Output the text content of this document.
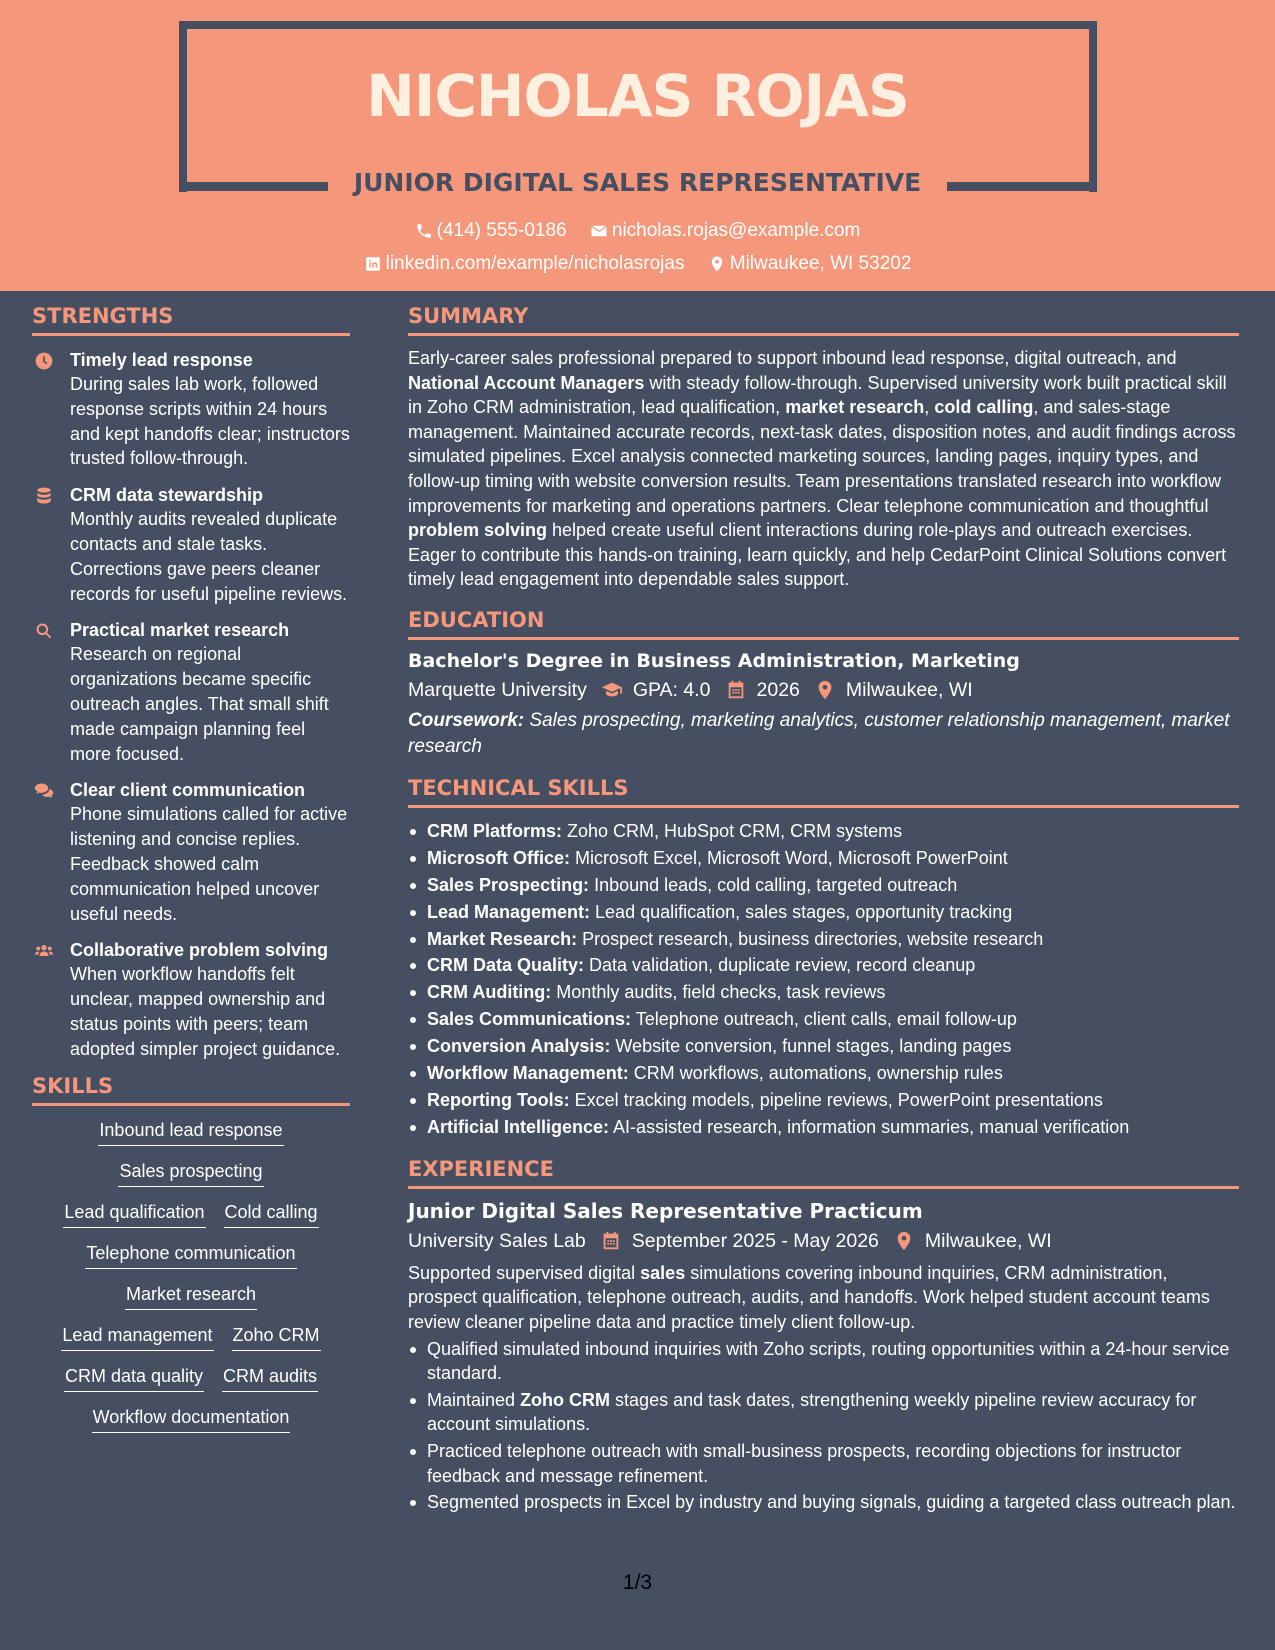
NICHOLAS ROJAS
JUNIOR DIGITAL SALES REPRESENTATIVE
(414) 555-0186
nicholas.rojas@example.com
linkedin.com/example/nicholasrojas
Milwaukee, WI 53202
STRENGTHS
Timely lead response
During sales lab work, followed response scripts within 24 hours and kept handoffs clear; instructors trusted follow-through.
CRM data stewardship
Monthly audits revealed duplicate contacts and stale tasks. Corrections gave peers cleaner records for useful pipeline reviews.
Practical market research
Research on regional organizations became specific outreach angles. That small shift made campaign planning feel more focused.
Clear client communication
Phone simulations called for active listening and concise replies. Feedback showed calm communication helped uncover useful needs.
Collaborative problem solving
When workflow handoffs felt unclear, mapped ownership and status points with peers; team adopted simpler project guidance.
SKILLS
Inbound lead response
Sales prospecting
Lead qualification Cold calling
Telephone communication
Market research
Lead management Zoho CRM
CRM data quality CRM audits
Workflow documentation
SUMMARY
Early-career sales professional prepared to support inbound lead response, digital outreach, and National Account Managers with steady follow-through. Supervised university work built practical skill in Zoho CRM administration, lead qualification, market research, cold calling, and sales-stage management. Maintained accurate records, next-task dates, disposition notes, and audit findings across simulated pipelines. Excel analysis connected marketing sources, landing pages, inquiry types, and follow-up timing with website conversion results. Team presentations translated research into workflow improvements for marketing and operations partners. Clear telephone communication and thoughtful problem solving helped create useful client interactions during role-plays and outreach exercises. Eager to contribute this hands-on training, learn quickly, and help CedarPoint Clinical Solutions convert timely lead engagement into dependable sales support.
EDUCATION
Bachelor's Degree in Business Administration, Marketing
Marquette University GPA: 4.0 2026 Milwaukee, WI
Coursework: Sales prospecting, marketing analytics, customer relationship management, market research
TECHNICAL SKILLS
CRM Platforms: Zoho CRM, HubSpot CRM, CRM systems
Microsoft Office: Microsoft Excel, Microsoft Word, Microsoft PowerPoint
Sales Prospecting: Inbound leads, cold calling, targeted outreach
Lead Management: Lead qualification, sales stages, opportunity tracking
Market Research: Prospect research, business directories, website research
CRM Data Quality: Data validation, duplicate review, record cleanup
CRM Auditing: Monthly audits, field checks, task reviews
Sales Communications: Telephone outreach, client calls, email follow-up
Conversion Analysis: Website conversion, funnel stages, landing pages
Workflow Management: CRM workflows, automations, ownership rules
Reporting Tools: Excel tracking models, pipeline reviews, PowerPoint presentations
Artificial Intelligence: AI-assisted research, information summaries, manual verification
EXPERIENCE
Junior Digital Sales Representative Practicum
University Sales Lab September 2025 - May 2026 Milwaukee, WI
Supported supervised digital sales simulations covering inbound inquiries, CRM administration, prospect qualification, telephone outreach, audits, and handoffs. Work helped student account teams review cleaner pipeline data and practice timely client follow-up.
Qualified simulated inbound inquiries with Zoho scripts, routing opportunities within a 24-hour service standard.
Maintained Zoho CRM stages and task dates, strengthening weekly pipeline review accuracy for account simulations.
Practiced telephone outreach with small-business prospects, recording objections for instructor feedback and message refinement.
Segmented prospects in Excel by industry and buying signals, guiding a targeted class outreach plan.
1/3
